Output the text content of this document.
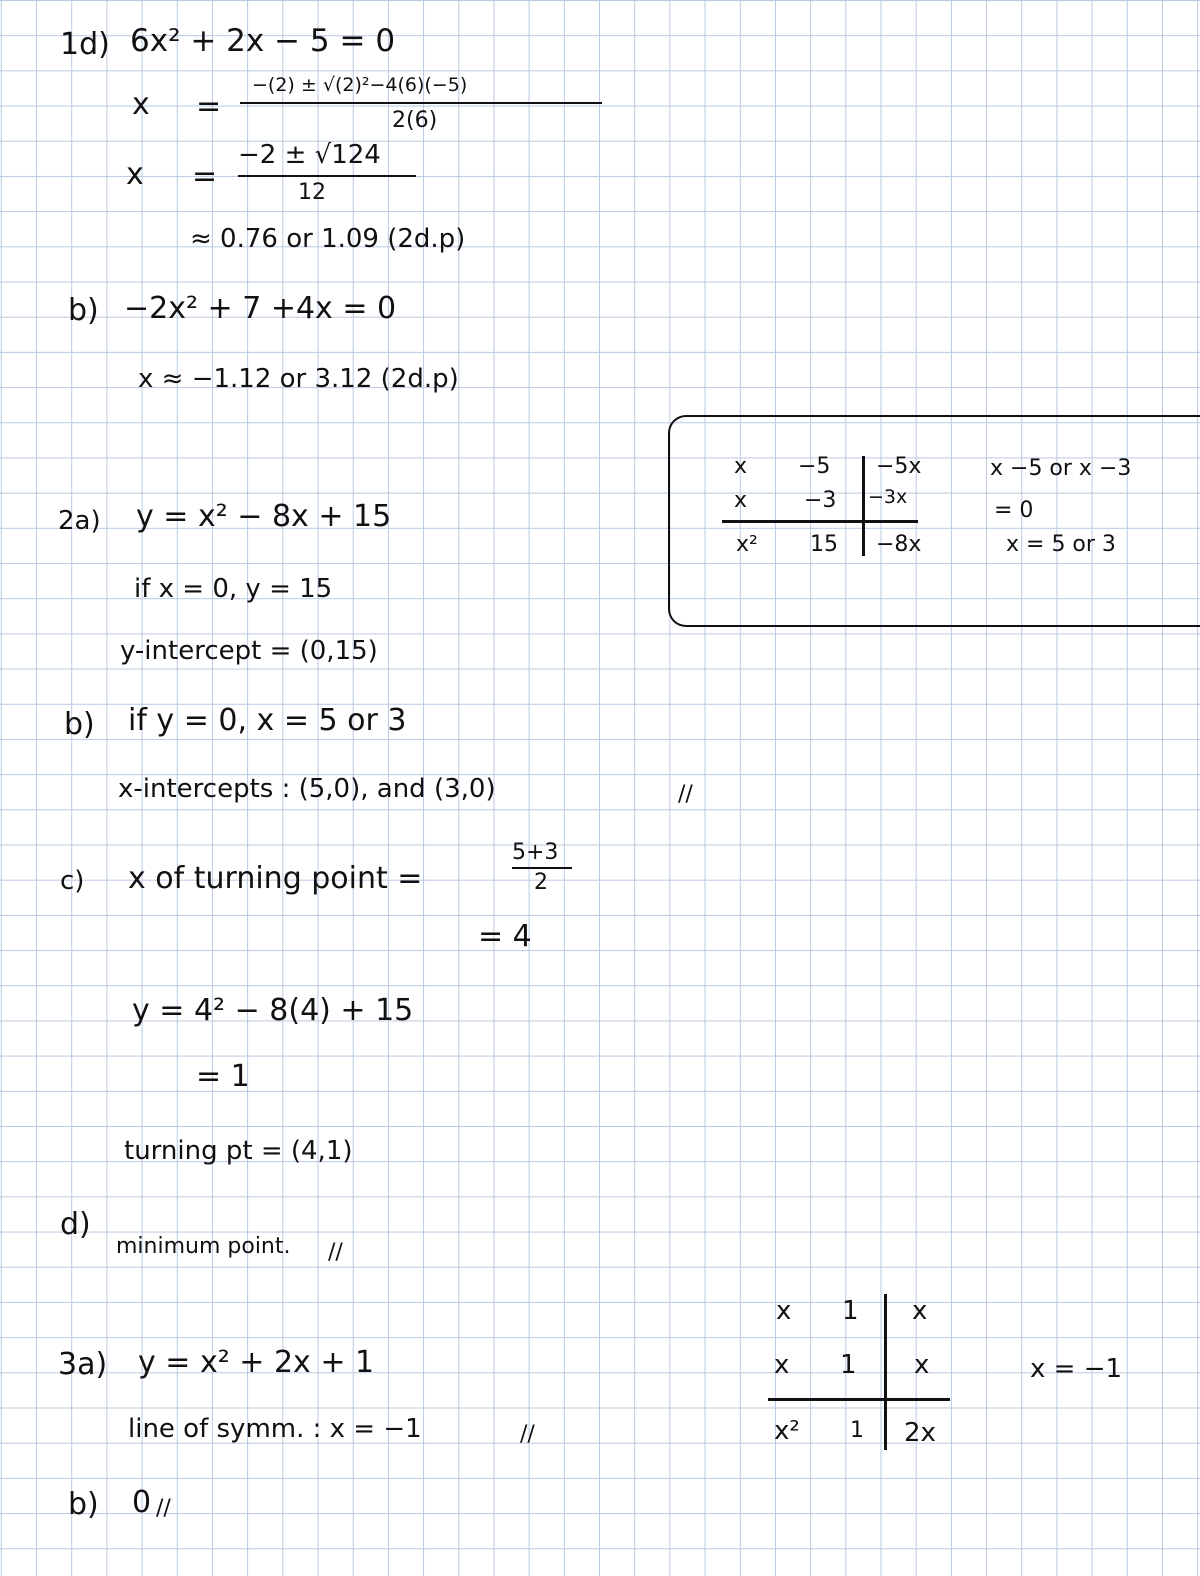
1d) 6x² + 2x − 5 = 0
x =
−(2) ± √(2)²−4(6)(−5)
2(6)
x =
−2 ± √124
12
≈ 0.76 or 1.09 (2d.p)
b) −2x² + 7 +4x = 0
x ≈ −1.12 or 3.12 (2d.p)
x −5 −5x
x	−3 −3x
x² 15 −8x
x −5 or x −3
= 0
x = 5 or 3
2a) y = x² − 8x + 15
if x = 0, y = 15
y-intercept = (0,15)
b) if y = 0, x = 5 or 3
x-intercepts : (5,0), and (3,0)	//
c) x of turning point =
5+3
2
= 4
y = 4² − 8(4) + 15
= 1
turning pt = (4,1)
d)
minimum point. //
3a) y = x² + 2x + 1
line of symm. : x = −1	//
b) 0 //
x 1 x
x 1 x
x² 1 2x
x = −1
